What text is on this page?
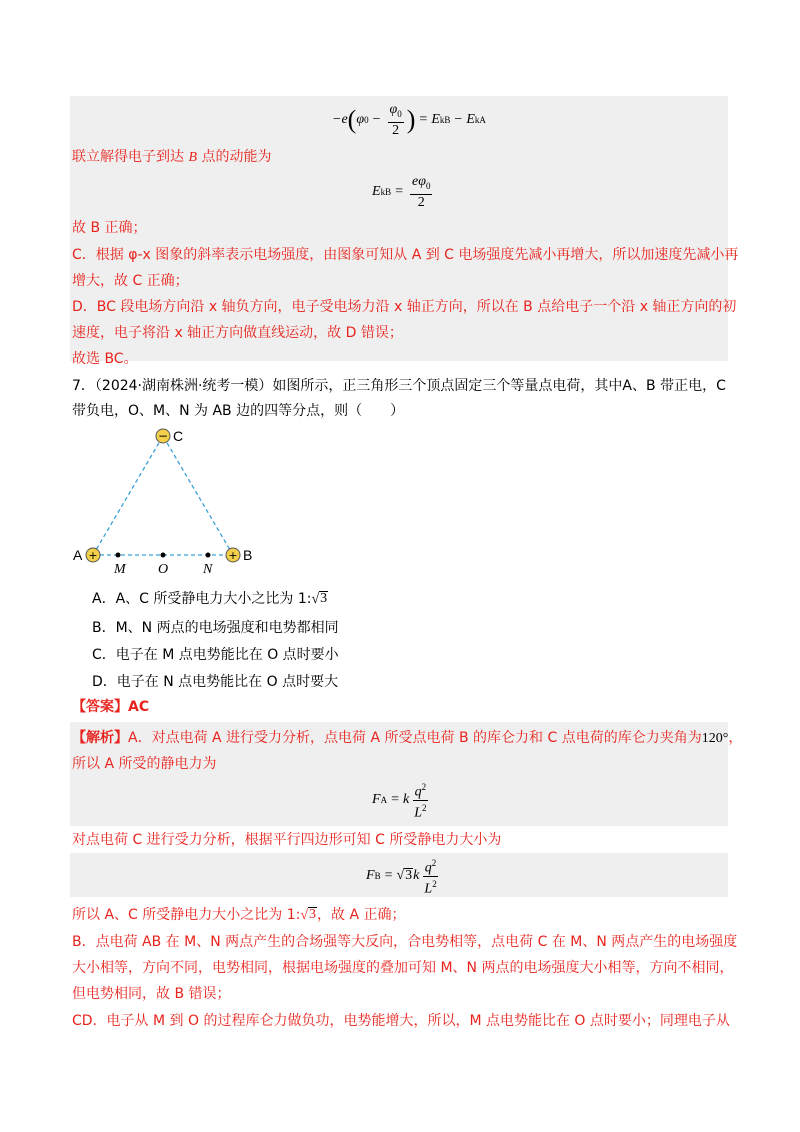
−e ( φ $0 - \frac{\varphi_0}{2}$ ) = E kB − E kA
联立解得电子到达 B 点的动能为
E kB = $\frac{e\varphi_0}{2}$
故 B 正确；
C．根据 φ-x 图象的斜率表示电场强度，由图象可知从 A 到 C 电场强度先减小再增大，所以加速度先减小再
增大，故 C 正确；
D．BC 段电场方向沿 x 轴负方向，电子受电场力沿 x 轴正方向，所以在 B 点给电子一个沿 x 轴正方向的初
速度，电子将沿 x 轴正方向做直线运动，故 D 错误；
故选 BC。
7．（2024·湖南株洲·统考一模）如图所示，正三角形三个顶点固定三个等量点电荷，其中A、B 带正电，C
带负电，O、M、N 为 AB 边的四等分点，则（　　）
− C
+
A	+ B
M O N
A．A、C 所受静电力大小之比为 1: √ 3
B．M、N 两点的电场强度和电势都相同
C．电子在 M 点电势能比在 O 点时要小
D．电子在 N 点电势能比在 O 点时要大
【答案】AC
【解析】A．对点电荷 A 进行受力分析，点电荷 A 所受点电荷 B 的库仑力和 C 点电荷的库仑力夹角为120°，
所以 A 所受的静电力为
F A = k $\frac{q^2}{L^2}$
对点电荷 C 进行受力分析，根据平行四边形可知 C 所受静电力大小为
F B = √ 3 k $\frac{q^2}{L^2}$
所以 A、C 所受静电力大小之比为 1: √ 3 ，故 A 正确；
B．点电荷 AB 在 M、N 两点产生的合场强等大反向，合电势相等，点电荷 C 在 M、N 两点产生的电场强度
大小相等，方向不同，电势相同，根据电场强度的叠加可知 M、N 两点的电场强度大小相等，方向不相同，
但电势相同，故 B 错误；
CD．电子从 M 到 O 的过程库仑力做负功，电势能增大，所以，M 点电势能比在 O 点时要小；同理电子从
